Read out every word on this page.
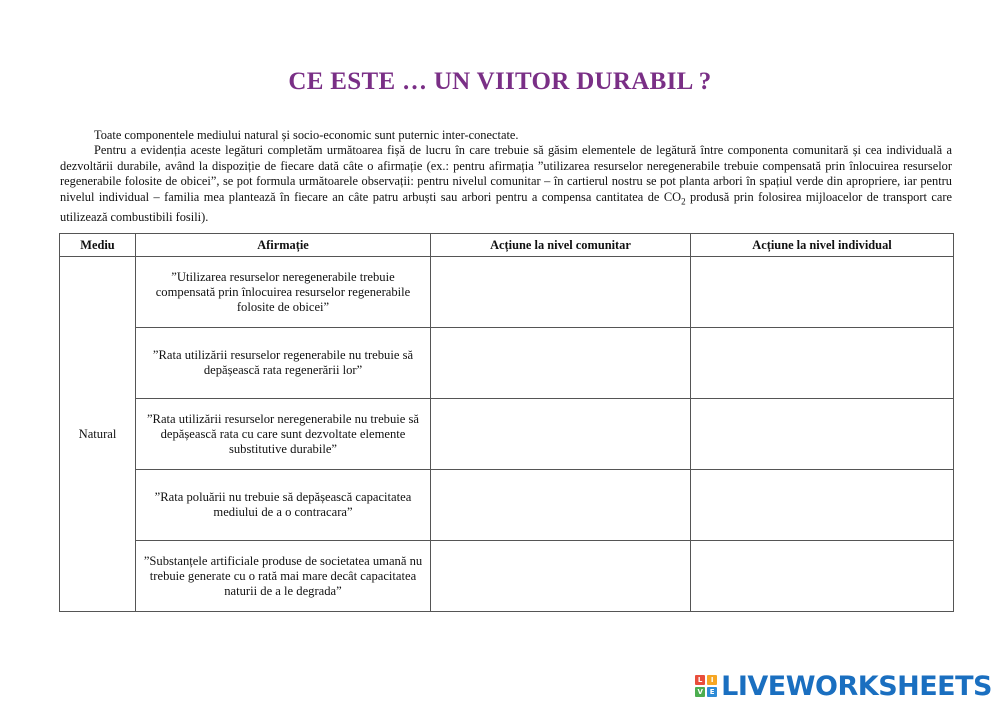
CE ESTE … UN VIITOR DURABIL ?

Toate componentele mediului natural și socio-economic sunt puternic inter-conectate.

Pentru a evidenția aceste legături completăm următoarea fișă de lucru în care trebuie să găsim elementele de legătură între componenta comunitară și cea individuală a dezvoltării durabile, având la dispoziție de fiecare dată câte o afirmație (ex.: pentru afirmația ”utilizarea resurselor neregenerabile trebuie compensată prin înlocuirea resurselor regenerabile folosite de obicei”, se pot formula următoarele observații: pentru nivelul comunitar – în cartierul nostru se pot planta arbori în spațiul verde din apropriere, iar pentru nivelul individual – familia mea plantează în fiecare an câte patru arbuști sau arbori pentru a compensa cantitatea de $CO_2$ produsă prin folosirea mijloacelor de transport care utilizează combustibili fosili).

Mediu	Afirmație	Acțiune la nivel comunitar	Acțiune la nivel individual
Natural	”Utilizarea resurselor neregenerabile trebuie compensată prin înlocuirea resurselor regenerabile folosite de obicei”		
	”Rata utilizării resurselor regenerabile nu trebuie să depășească rata regenerării lor”		
	”Rata utilizării resurselor neregenerabile nu trebuie să depășească rata cu care sunt dezvoltate elemente substitutive durabile”		
	”Rata poluării nu trebuie să depășească capacitatea mediului de a o contracara”		
	”Substanțele artificiale produse de societatea umană nu trebuie generate cu o rată mai mare decât capacitatea naturii de a le degrada”		
L	I
V E LIVEWORKSHEETS
